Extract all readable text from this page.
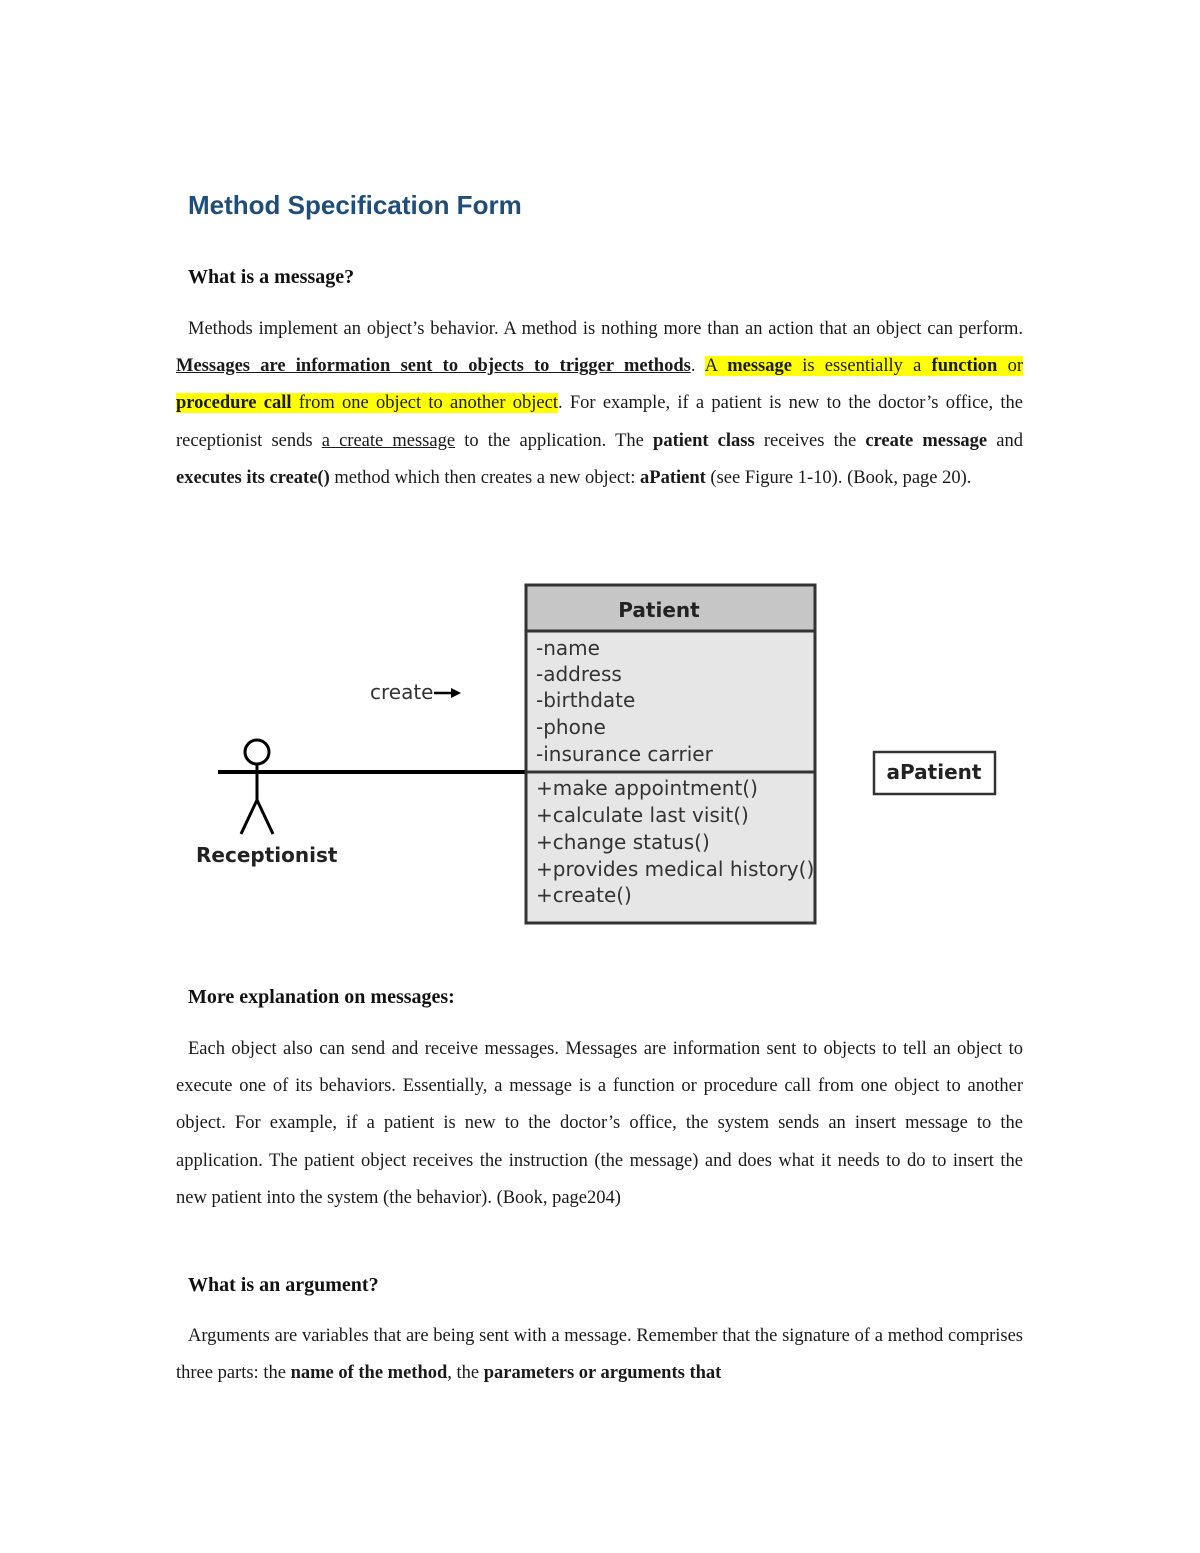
Method Specification Form
What is a message?

Methods implement an object’s behavior. A method is nothing more than an action that an object can perform. Messages are information sent to objects to trigger methods. A message is essentially a function or procedure call from one object to another object. For example, if a patient is new to the doctor’s office, the receptionist sends a create message to the application. The patient class receives the create message and executes its create() method which then creates a new object: aPatient (see Figure 1-10). (Book, page 20).

Receptionist
create
Patient
-name
-address
-birthdate
-phone
-insurance carrier
+make appointment()
+calculate last visit()
+change status()
+provides medical history()
+create()
aPatient
More explanation on messages:

Each object also can send and receive messages. Messages are information sent to objects to tell an object to execute one of its behaviors. Essentially, a message is a function or procedure call from one object to another object. For example, if a patient is new to the doctor’s office, the system sends an insert message to the application. The patient object receives the instruction (the message) and does what it needs to do to insert the new patient into the system (the behavior). (Book, page204)

What is an argument?

Arguments are variables that are being sent with a message. Remember that the signature of a method comprises three parts: the name of the method, the parameters or arguments that
